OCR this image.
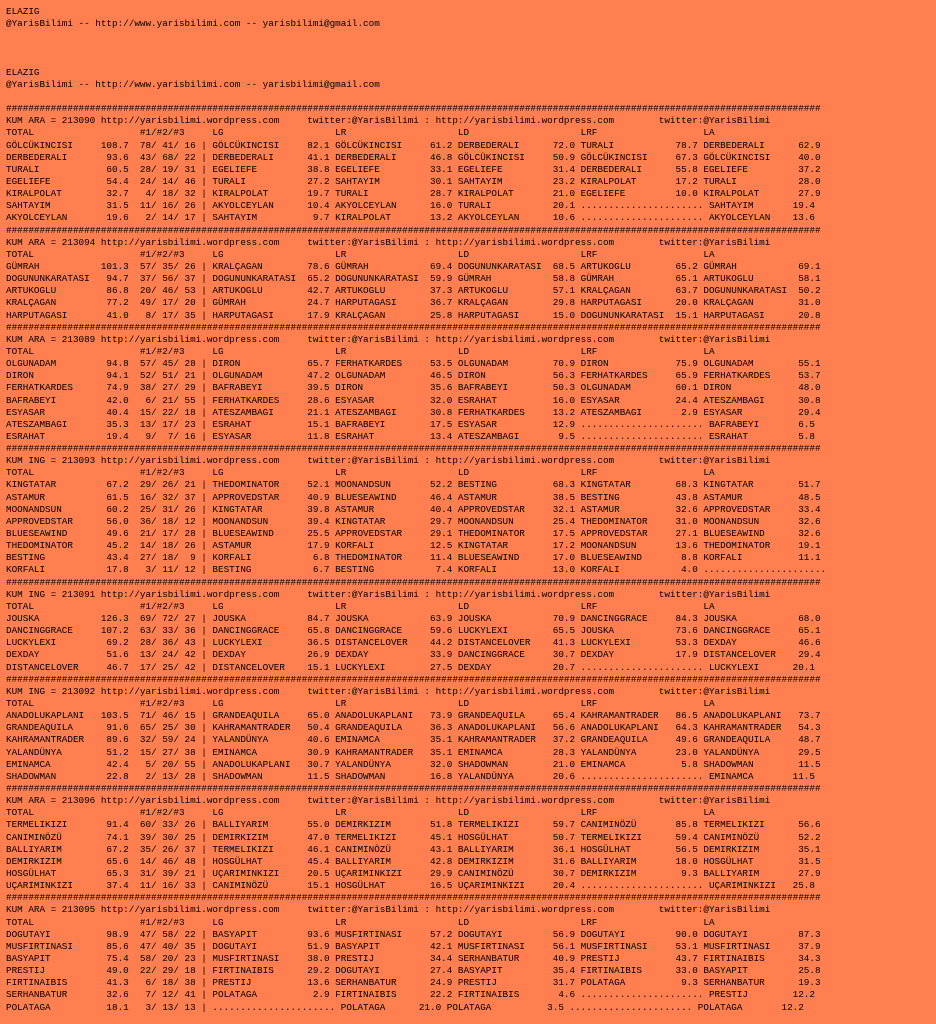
ELAZIG
@YarisBilimi -- http://www.yarisbilimi.com -- yarisbilimi@gmail.com

ELAZIG
@YarisBilimi -- http://www.yarisbilimi.com -- yarisbilimi@gmail.com

##################################################################################################################################################
KUM ARA = 213090 http://yarisbilimi.wordpress.com     twitter:@YarisBilimi : http://yarisbilimi.wordpress.com        twitter:@YarisBilimi
TOTAL                   #1/#2/#3     LG                    LR                    LD                    LRF                   LA
GÖLCÜKINCISI     108.7  78/ 41/ 16 | GÖLCÜKINCISI     82.1 GÖLCÜKINCISI     61.2 DERBEDERALI      72.0 TURALI           78.7 DERBEDERALI      62.9
DERBEDERALI       93.6  43/ 68/ 22 | DERBEDERALI      41.1 DERBEDERALI      46.8 GÖLCÜKINCISI     50.9 GÖLCÜKINCISI     67.3 GÖLCÜKINCISI     40.0
TURALI            60.5  28/ 19/ 31 | EGELIEFE         38.8 EGELIEFE         33.1 EGELIEFE         31.4 DERBEDERALI      55.8 EGELIEFE         37.2
EGELIEFE          54.4  24/ 14/ 46 | TURALI           27.2 SAHTAYIM         30.1 SAHTAYIM         23.2 KIRALPOLAT       17.2 TURALI           28.0
KIRALPOLAT        32.7   4/ 18/ 32 | KIRALPOLAT       19.7 TURALI           28.7 KIRALPOLAT       21.0 EGELIEFE         10.0 KIRALPOLAT       27.9
SAHTAYIM          31.5  11/ 16/ 26 | AKYOLCEYLAN      10.4 AKYOLCEYLAN      16.0 TURALI           20.1 ...................... SAHTAYIM       19.4
AKYOLCEYLAN       19.6   2/ 14/ 17 | SAHTAYIM          9.7 KIRALPOLAT       13.2 AKYOLCEYLAN      10.6 ...................... AKYOLCEYLAN    13.6
##################################################################################################################################################
KUM ARA = 213094 http://yarisbilimi.wordpress.com     twitter:@YarisBilimi : http://yarisbilimi.wordpress.com        twitter:@YarisBilimi
TOTAL                   #1/#2/#3     LG                    LR                    LD                    LRF                   LA
GÜMRAH           101.3  57/ 35/ 26 | KRALÇAGAN        78.6 GÜMRAH           69.4 DOGUNUNKARATASI  68.5 ARTUKOGLU        65.2 GÜMRAH           69.1
DOGUNUNKARATASI   94.7  37/ 56/ 37 | DOGUNUNKARATASI  65.2 DOGUNUNKARATASI  59.9 GÜMRAH           58.8 GÜMRAH           65.1 ARTUKOGLU        58.1
ARTUKOGLU         86.8  20/ 46/ 53 | ARTUKOGLU        42.7 ARTUKOGLU        37.3 ARTUKOGLU        57.1 KRALÇAGAN        63.7 DOGUNUNKARATASI  50.2
KRALÇAGAN         77.2  49/ 17/ 20 | GÜMRAH           24.7 HARPUTAGASI      36.7 KRALÇAGAN        29.8 HARPUTAGASI      20.0 KRALÇAGAN        31.0
HARPUTAGASI       41.0   8/ 17/ 35 | HARPUTAGASI      17.9 KRALÇAGAN        25.8 HARPUTAGASI      15.0 DOGUNUNKARATASI  15.1 HARPUTAGASI      20.8
##################################################################################################################################################
KUM ARA = 213089 http://yarisbilimi.wordpress.com     twitter:@YarisBilimi : http://yarisbilimi.wordpress.com        twitter:@YarisBilimi
TOTAL                   #1/#2/#3     LG                    LR                    LD                    LRF                   LA
OLGUNADAM         94.8  57/ 45/ 28 | DIRON            65.7 FERHATKARDES     53.5 OLGUNADAM        70.9 DIRON            75.9 OLGUNADAM        55.1
DIRON             94.1  52/ 51/ 21 | OLGUNADAM        47.2 OLGUNADAM        46.5 DIRON            56.3 FERHATKARDES     65.9 FERHATKARDES     53.7
FERHATKARDES      74.9  38/ 27/ 29 | BAFRABEYI        39.5 DIRON            35.6 BAFRABEYI        50.3 OLGUNADAM        60.1 DIRON            48.0
BAFRABEYI         42.0   6/ 21/ 55 | FERHATKARDES     28.6 ESYASAR          32.0 ESRAHAT          16.0 ESYASAR          24.4 ATESZAMBAGI      30.8
ESYASAR           40.4  15/ 22/ 18 | ATESZAMBAGI      21.1 ATESZAMBAGI      30.8 FERHATKARDES     13.2 ATESZAMBAGI       2.9 ESYASAR          29.4
ATESZAMBAGI       35.3  13/ 17/ 23 | ESRAHAT          15.1 BAFRABEYI        17.5 ESYASAR          12.9 ...................... BAFRABEYI       6.5
ESRAHAT           19.4   9/  7/ 16 | ESYASAR          11.8 ESRAHAT          13.4 ATESZAMBAGI       9.5 ...................... ESRAHAT         5.8
##################################################################################################################################################
KUM ING = 213093 http://yarisbilimi.wordpress.com     twitter:@YarisBilimi : http://yarisbilimi.wordpress.com        twitter:@YarisBilimi
TOTAL                   #1/#2/#3     LG                    LR                    LD                    LRF                   LA
KINGTATAR         67.2  29/ 26/ 21 | THEDOMINATOR     52.1 MOONANDSUN       52.2 BESTING          68.3 KINGTATAR        68.3 KINGTATAR        51.7
ASTAMUR           61.5  16/ 32/ 37 | APPROVEDSTAR     40.9 BLUESEAWIND      46.4 ASTAMUR          38.5 BESTING          43.8 ASTAMUR          48.5
MOONANDSUN        60.2  25/ 31/ 26 | KINGTATAR        39.8 ASTAMUR          40.4 APPROVEDSTAR     32.1 ASTAMUR          32.6 APPROVEDSTAR     33.4
APPROVEDSTAR      56.0  36/ 18/ 12 | MOONANDSUN       39.4 KINGTATAR        29.7 MOONANDSUN       25.4 THEDOMINATOR     31.0 MOONANDSUN       32.6
BLUESEAWIND       49.6  21/ 17/ 28 | BLUESEAWIND      25.5 APPROVEDSTAR     29.1 THEDOMINATOR     17.5 APPROVEDSTAR     27.1 BLUESEAWIND      32.6
THEDOMINATOR      45.2  14/ 18/ 26 | ASTAMUR          17.9 KORFALI          12.5 KINGTATAR        17.2 MOONANDSUN       13.6 THEDOMINATOR     19.1
BESTING           43.4  27/ 18/  9 | KORFALI           6.8 THEDOMINATOR     11.4 BLUESEAWIND      17.0 BLUESEAWIND       8.8 KORFALI          11.1
KORFALI           17.8   3/ 11/ 12 | BESTING           6.7 BESTING           7.4 KORFALI          13.0 KORFALI           4.0 ......................
##################################################################################################################################################
KUM ING = 213091 http://yarisbilimi.wordpress.com     twitter:@YarisBilimi : http://yarisbilimi.wordpress.com        twitter:@YarisBilimi
TOTAL                   #1/#2/#3     LG                    LR                    LD                    LRF                   LA
JOUSKA           126.3  69/ 72/ 27 | JOUSKA           84.7 JOUSKA           63.9 JOUSKA           70.9 DANCINGGRACE     84.3 JOUSKA           68.0
DANCINGGRACE     107.2  63/ 33/ 36 | DANCINGGRACE     65.8 DANCINGGRACE     59.6 LUCKYLEXI        65.5 JOUSKA           73.6 DANCINGGRACE     65.1
LUCKYLEXI         69.2  28/ 36/ 43 | LUCKYLEXI        36.5 DISTANCELOVER    44.2 DISTANCELOVER    41.3 LUCKYLEXI        53.3 DEXDAY           46.6
DEXDAY            51.6  13/ 24/ 42 | DEXDAY           26.9 DEXDAY           33.9 DANCINGGRACE     30.7 DEXDAY           17.9 DISTANCELOVER    29.4
DISTANCELOVER     46.7  17/ 25/ 42 | DISTANCELOVER    15.1 LUCKYLEXI        27.5 DEXDAY           20.7 ...................... LUCKYLEXI      20.1
##################################################################################################################################################
KUM ING = 213092 http://yarisbilimi.wordpress.com     twitter:@YarisBilimi : http://yarisbilimi.wordpress.com        twitter:@YarisBilimi
TOTAL                   #1/#2/#3     LG                    LR                    LD                    LRF                   LA
ANADOLUKAPLANI   103.5  71/ 46/ 15 | GRANDEAQUILA     65.0 ANADOLUKAPLANI   73.9 GRANDEAQUILA     65.4 KAHRAMANTRADER   86.5 ANADOLUKAPLANI   73.7
GRANDEAQUILA      91.6  65/ 25/ 30 | KAHRAMANTRADER   50.4 GRANDEAQUILA     36.3 ANADOLUKAPLANI   56.6 ANADOLUKAPLANI   64.3 KAHRAMANTRADER   54.3
KAHRAMANTRADER    89.6  32/ 59/ 24 | YALANDÜNYA       40.6 EMINAMCA         35.1 KAHRAMANTRADER   37.2 GRANDEAQUILA     49.6 GRANDEAQUILA     48.7
YALANDÜNYA        51.2  15/ 27/ 38 | EMINAMCA         30.9 KAHRAMANTRADER   35.1 EMINAMCA         28.3 YALANDÜNYA       23.0 YALANDÜNYA       29.5
EMINAMCA          42.4   5/ 20/ 55 | ANADOLUKAPLANI   30.7 YALANDÜNYA       32.0 SHADOWMAN        21.0 EMINAMCA          5.8 SHADOWMAN        11.5
SHADOWMAN         22.8   2/ 13/ 28 | SHADOWMAN        11.5 SHADOWMAN        16.8 YALANDÜNYA       20.6 ...................... EMINAMCA       11.5
##################################################################################################################################################
KUM ARA = 213096 http://yarisbilimi.wordpress.com     twitter:@YarisBilimi : http://yarisbilimi.wordpress.com        twitter:@YarisBilimi
TOTAL                   #1/#2/#3     LG                    LR                    LD                    LRF                   LA
TERMELIKIZI       91.4  60/ 33/ 26 | BALLIYARIM       55.0 DEMIRKIZIM       51.8 TERMELIKIZI      59.7 CANIMINÖZÜ       85.8 TERMELIKIZI      56.6
CANIMINÖZÜ        74.1  39/ 30/ 25 | DEMIRKIZIM       47.0 TERMELIKIZI      45.1 HOSGÜLHAT        50.7 TERMELIKIZI      59.4 CANIMINÖZÜ       52.2
BALLIYARIM        67.2  35/ 26/ 37 | TERMELIKIZI      46.1 CANIMINÖZÜ       43.1 BALLIYARIM       36.1 HOSGÜLHAT        56.5 DEMIRKIZIM       35.1
DEMIRKIZIM        65.6  14/ 46/ 48 | HOSGÜLHAT        45.4 BALLIYARIM       42.8 DEMIRKIZIM       31.6 BALLIYARIM       18.0 HOSGÜLHAT        31.5
HOSGÜLHAT         65.3  31/ 39/ 21 | UÇARIMINKIZI     20.5 UÇARIMINKIZI     29.9 CANIMINÖZÜ       30.7 DEMIRKIZIM        9.3 BALLIYARIM       27.9
UÇARIMINKIZI      37.4  11/ 16/ 33 | CANIMINÖZÜ       15.1 HOSGÜLHAT        16.5 UÇARIMINKIZI     20.4 ...................... UÇARIMINKIZI   25.8
##################################################################################################################################################
KUM ARA = 213095 http://yarisbilimi.wordpress.com     twitter:@YarisBilimi : http://yarisbilimi.wordpress.com        twitter:@YarisBilimi
TOTAL                   #1/#2/#3     LG                    LR                    LD                    LRF                   LA
DOGUTAYI          98.9  47/ 58/ 22 | BASYAPIT         93.6 MUSFIRTINASI     57.2 DOGUTAYI         56.9 DOGUTAYI         90.0 DOGUTAYI         87.3
MUSFIRTINASI      85.6  47/ 40/ 35 | DOGUTAYI         51.9 BASYAPIT         42.1 MUSFIRTINASI     56.1 MUSFIRTINASI     53.1 MUSFIRTINASI     37.9
BASYAPIT          75.4  58/ 20/ 23 | MUSFIRTINASI     38.0 PRESTIJ          34.4 SERHANBATUR      40.9 PRESTIJ          43.7 FIRTINAIBIS      34.3
PRESTIJ           49.0  22/ 29/ 18 | FIRTINAIBIS      29.2 DOGUTAYI         27.4 BASYAPIT         35.4 FIRTINAIBIS      33.0 BASYAPIT         25.8
FIRTINAIBIS       41.3   6/ 18/ 38 | PRESTIJ          13.6 SERHANBATUR      24.9 PRESTIJ          31.7 POLATAGA          9.3 SERHANBATUR      19.3
SERHANBATUR       32.6   7/ 12/ 41 | POLATAGA          2.9 FIRTINAIBIS      22.2 FIRTINAIBIS       4.6 ...................... PRESTIJ        12.2
POLATAGA          18.1   3/ 13/ 13 | ...................... POLATAGA      21.0 POLATAGA          3.5 ...................... POLATAGA       12.2
